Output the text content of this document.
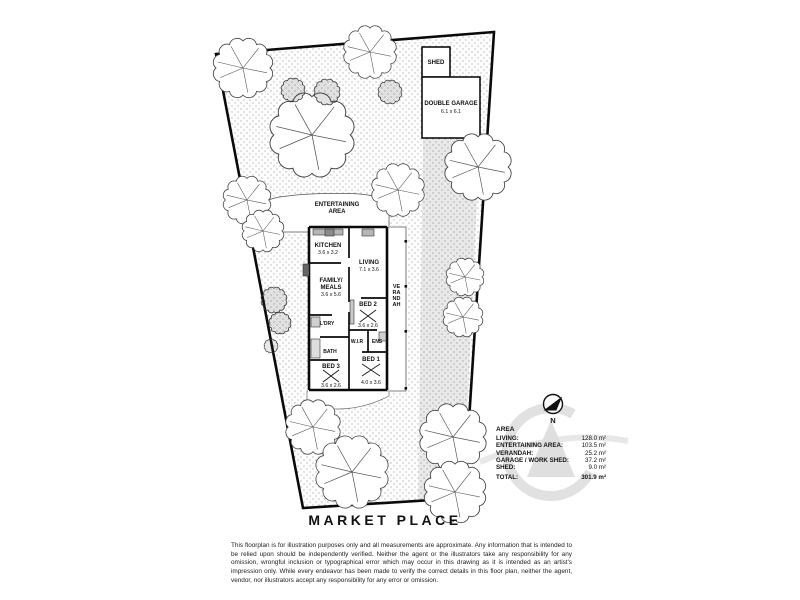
SHED
DOUBLE GARAGE
6.1 x 6.1
ENTERTAINING
AREA
KITCHEN
3.6 x 3.2
LIVING
7.1 x 3.6
FAMILY/
MEALS
3.6 x 5.6
BED 2
3.6 x 2.6
L'DRY
W.I.R ENS
BATH
BED 3
3.6 x 2.6
BED 1
4.0 x 3.6
N
VERANDAH
AREA
LIVING:	128.0 m²
ENTERTAINING AREA:	103.5 m²
VERANDAH:	25.2 m²
GARAGE / WORK SHED:	37.2 m²
SHED:	9.0 m²
TOTAL:	301.9 m²
MARKET PLACE
This floorplan is for illustration purposes only and all measurements are approximate. Any information that is intended to be relied upon should be independently verified. Neither the agent or the illustrators take any responsibility for any omission, wrongful inclusion or typographical error which may occur in this drawing as it is intended as an artist's impression only. While every endeavor has been made to verify the correct details in this floor plan, neither the agent, vendor, nor illustrators accept any responsibility for any error or omission.
